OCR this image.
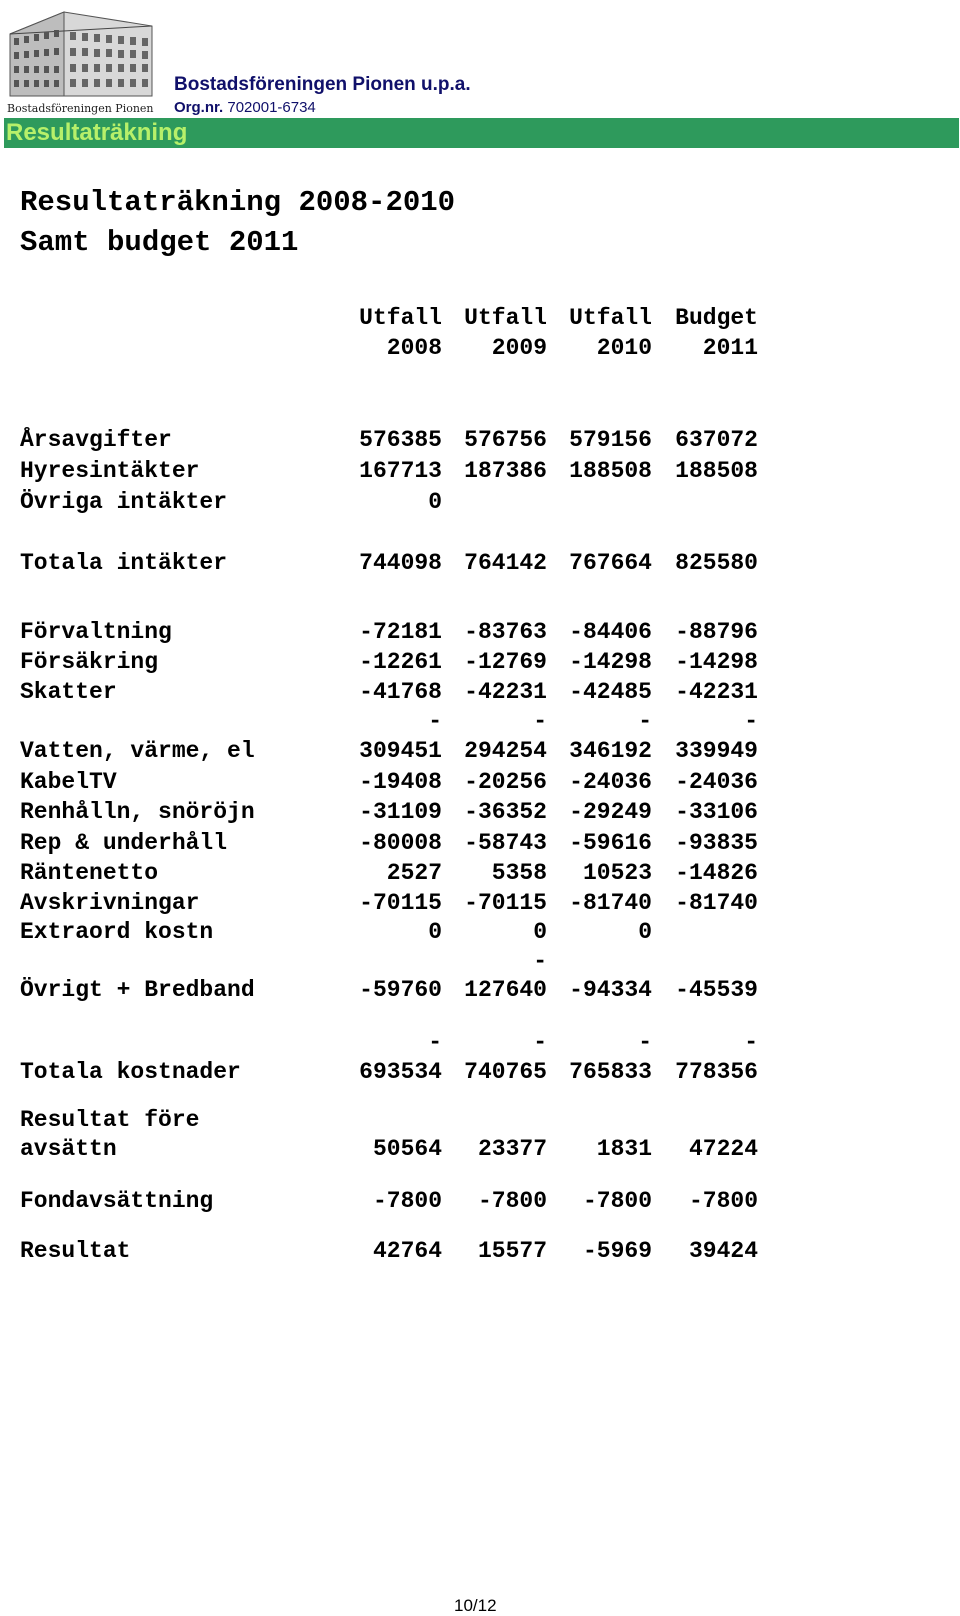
Bostadsföreningen Pionen
Bostadsföreningen Pionen u.p.a.
Org.nr. 702001-6734
Resultaträkning
Resultaträkning 2008-2010
Samt budget 2011
Utfall Utfall Utfall	Budget
2008	2009	2010	2011
Årsavgifter	576385 576756 579156	637072
Hyresintäkter	167713 187386 188508	188508
Övriga intäkter	0
Totala intäkter	744098 764142 767664	825580
Förvaltning	-72181 -83763 -84406	-88796
Försäkring	-12261 -12769 -14298	-14298
Skatter	-41768 -42231 -42485	-42231
-	-	-	-
Vatten, värme, el	309451 294254 346192	339949
KabelTV	-19408 -20256 -24036	-24036
Renhålln, snöröjn	-31109 -36352 -29249	-33106
Rep & underhåll	-80008 -58743 -59616	-93835
Räntenetto	2527	5358	10523	-14826
Avskrivningar	-70115 -70115 -81740	-81740
Extraord kostn	0	0	0
-
Övrigt + Bredband	-59760 127640 -94334	-45539
-	-	-	-
Totala kostnader	693534 740765 765833	778356
Resultat före
avsättn	50564	23377	1831	47224
Fondavsättning	-7800	-7800	-7800	-7800
Resultat	42764	15577	-5969	39424
10/12
